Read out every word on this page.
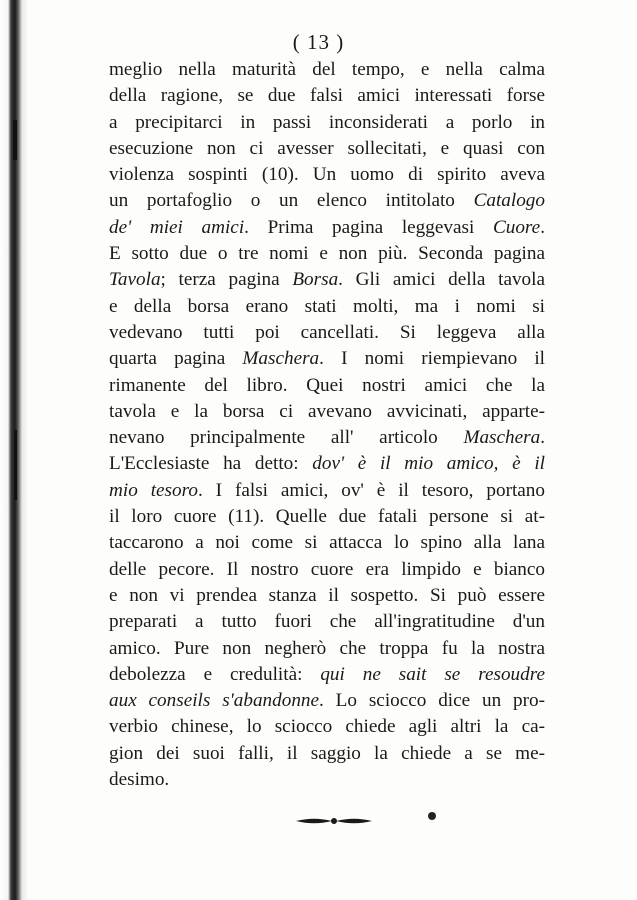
( 13 )
meglio nella maturità del tempo, e nella calma
della ragione, se due falsi amici interessati forse
a precipitarci in passi inconsiderati a porlo in
esecuzione non ci avesser sollecitati, e quasi con
violenza sospinti (10). Un uomo di spirito aveva
un portafoglio o un elenco intitolato Catalogo
de' miei amici. Prima pagina leggevasi Cuore.
E sotto due o tre nomi e non più. Seconda pagina
Tavola; terza pagina Borsa. Gli amici della tavola
e della borsa erano stati molti, ma i nomi si
vedevano tutti poi cancellati. Si leggeva alla
quarta pagina Maschera. I nomi riempievano il
rimanente del libro. Quei nostri amici che la
tavola e la borsa ci avevano avvicinati, apparte-
nevano principalmente all' articolo Maschera.
L'Ecclesiaste ha detto: dov' è il mio amico, è il
mio tesoro. I falsi amici, ov' è il tesoro, portano
il loro cuore (11). Quelle due fatali persone si at-
taccarono a noi come si attacca lo spino alla lana
delle pecore. Il nostro cuore era limpido e bianco
e non vi prendea stanza il sospetto. Si può essere
preparati a tutto fuori che all'ingratitudine d'un
amico. Pure non negherò che troppa fu la nostra
debolezza e credulità: qui ne sait se resoudre
aux conseils s'abandonne. Lo sciocco dice un pro-
verbio chinese, lo sciocco chiede agli altri la ca-
gion dei suoi falli, il saggio la chiede a se me-
desimo.
